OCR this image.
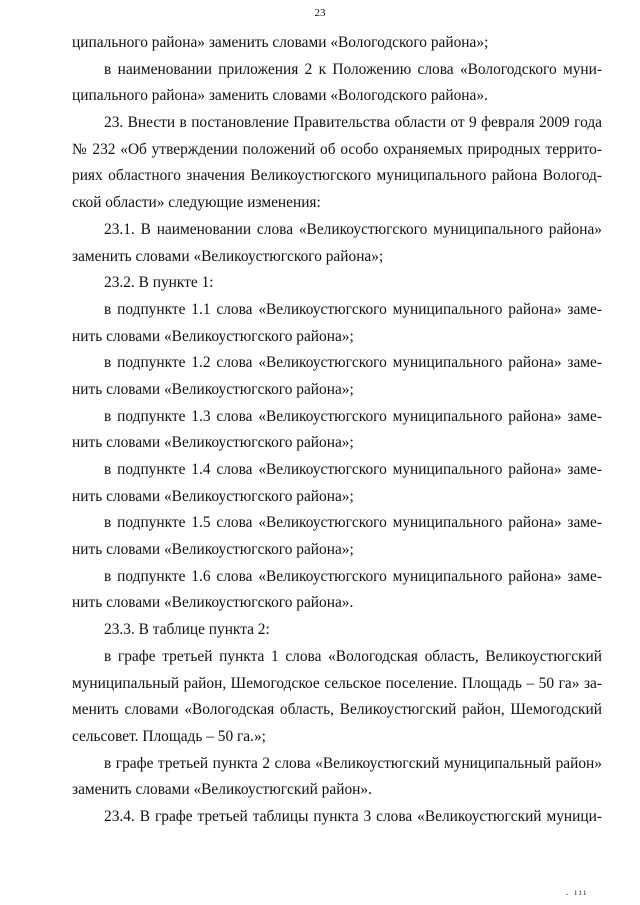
23
ципального района» заменить словами «Вологодского района»;
в наименовании приложения 2 к Положению слова «Вологодского муни-
ципального района» заменить словами «Вологодского района».
23. Внести в постановление Правительства области от 9 февраля 2009 года
№ 232 «Об утверждении положений об особо охраняемых природных террито-
риях областного значения Великоустюгского муниципального района Вологод-
ской области» следующие изменения:
23.1. В наименовании слова «Великоустюгского муниципального района»
заменить словами «Великоустюгского района»;
23.2. В пункте 1:
в подпункте 1.1 слова «Великоустюгского муниципального района» заме-
нить словами «Великоустюгского района»;
в подпункте 1.2 слова «Великоустюгского муниципального района» заме-
нить словами «Великоустюгского района»;
в подпункте 1.3 слова «Великоустюгского муниципального района» заме-
нить словами «Великоустюгского района»;
в подпункте 1.4 слова «Великоустюгского муниципального района» заме-
нить словами «Великоустюгского района»;
в подпункте 1.5 слова «Великоустюгского муниципального района» заме-
нить словами «Великоустюгского района»;
в подпункте 1.6 слова «Великоустюгского муниципального района» заме-
нить словами «Великоустюгского района».
23.3. В таблице пункта 2:
в графе третьей пункта 1 слова «Вологодская область, Великоустюгский
муниципальный район, Шемогодское сельское поселение. Площадь – 50 га» за-
менить словами «Вологодская область, Великоустюгский район, Шемогодский
сельсовет. Площадь – 50 га.»;
в графе третьей пункта 2 слова «Великоустюгский муниципальный район»
заменить словами «Великоустюгский район».
23.4. В графе третьей таблицы пункта 3 слова «Великоустюгский муници-
. ııı
